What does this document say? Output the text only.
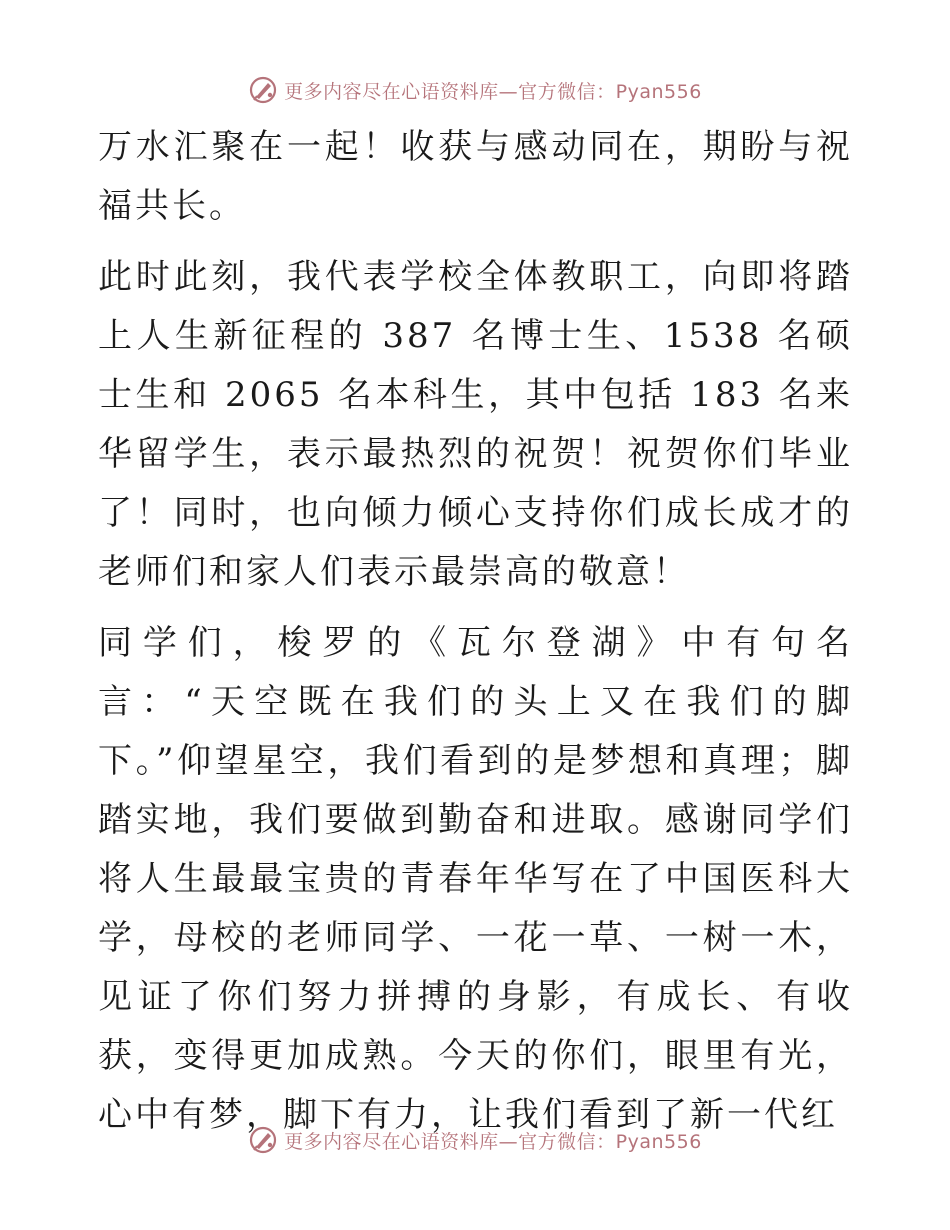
更多内容尽在心语资料库—官方微信：Pyan556

万水汇聚在一起！收获与感动同在，期盼与祝福共长。

此时此刻，我代表学校全体教职工，向即将踏上人生新征程的 387 名博士生、1538 名硕士生和 2065 名本科生，其中包括 183 名来华留学生，表示最热烈的祝贺！祝贺你们毕业了！同时，也向倾力倾心支持你们成长成才的老师们和家人们表示最崇高的敬意！

同学们，梭罗的《瓦尔登湖》中有句名言：“天空既在我们的头上又在我们的脚下。”仰望星空，我们看到的是梦想和真理；脚踏实地，我们要做到勤奋和进取。感谢同学们将人生最最宝贵的青春年华写在了中国医科大学，母校的老师同学、一花一草、一树一木，见证了你们努力拼搏的身影，有成长、有收获，变得更加成熟。今天的你们，眼里有光，心中有梦，脚下有力，让我们看到了新一代红

更多内容尽在心语资料库—官方微信：Pyan556
